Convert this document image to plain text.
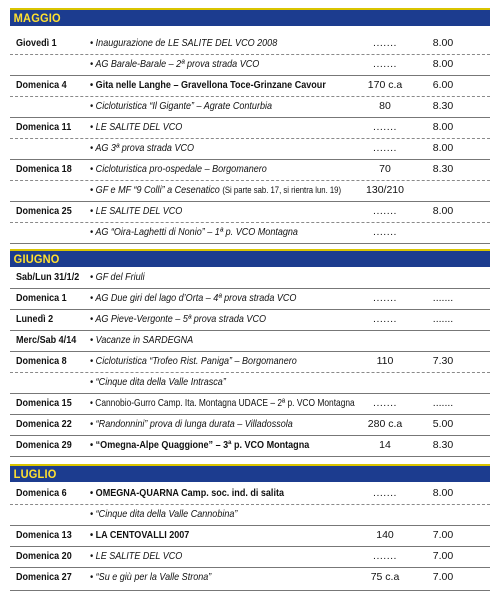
MAGGIO
Giovedì 1	• Inaugurazione de LE SALITE DEL VCO 2008	.......	8.00
• AG Barale-Barale – 2ª prova strada VCO	.......	8.00
Domenica 4 • Gita nelle Langhe – Gravellona Toce-Grinzane Cavour	170 c.a	6.00
• Cicloturistica “Il Gigante” – Agrate Conturbia	80	8.30
Domenica 11 • LE SALITE DEL VCO	.......	8.00
• AG 3ª prova strada VCO	.......	8.00
Domenica 18 • Cicloturistica pro-ospedale – Borgomanero	70	8.30
• GF e MF “9 Colli” a Cesenatico (Si parte sab. 17, si rientra lun. 19)	130/210
Domenica 25 • LE SALITE DEL VCO	.......	8.00
• AG “Oira-Laghetti di Nonio” – 1ª p. VCO Montagna	.......
GIUGNO
Sab/Lun 31/1/2 • GF del Friuli
Domenica 1 • AG Due giri del lago d’Orta – 4ª prova strada VCO	.......	.......
Lunedì 2	• AG Pieve-Vergonte – 5ª prova strada VCO	.......	.......
Merc/Sab 4/14 • Vacanze in SARDEGNA
Domenica 8 • Cicloturistica “Trofeo Rist. Paniga” – Borgomanero	110	7.30
• “Cinque dita della Valle Intrasca”
Domenica 15 • Cannobio-Gurro Camp. Ita. Montagna UDACE – 2ª p. VCO Montagna	.......	.......
Domenica 22 • “Randonnini” prova di lunga durata – Villadossola	280 c.a	5.00
Domenica 29 • “Omegna-Alpe Quaggione” – 3ª p. VCO Montagna	14	8.30
LUGLIO
Domenica 6 • OMEGNA-QUARNA Camp. soc. ind. di salita	.......	8.00
• “Cinque dita della Valle Cannobina”
Domenica 13 • LA CENTOVALLI 2007	140	7.00
Domenica 20 • LE SALITE DEL VCO	.......	7.00
Domenica 27 • “Su e giù per la Valle Strona”	75 c.a	7.00
